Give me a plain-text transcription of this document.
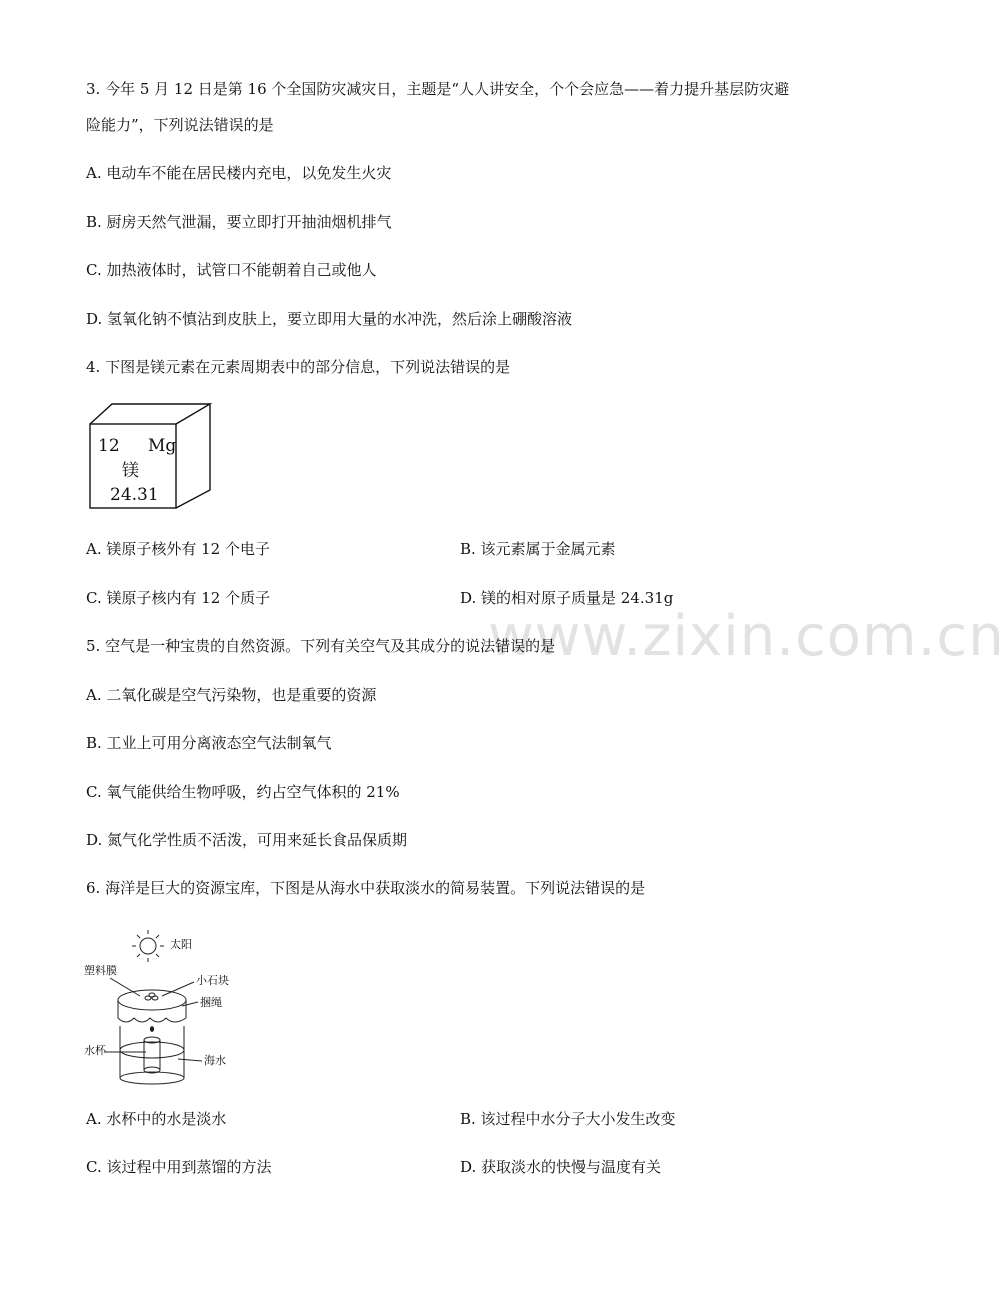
3. 今年 5 月 12 日是第 16 个全国防灾减灾日，主题是“人人讲安全，个个会应急——着力提升基层防灾避
险能力”，下列说法错误的是
A. 电动车不能在居民楼内充电，以免发生火灾
B. 厨房天然气泄漏，要立即打开抽油烟机排气
C. 加热液体时，试管口不能朝着自己或他人
D. 氢氧化钠不慎沾到皮肤上，要立即用大量的水冲洗，然后涂上硼酸溶液
4. 下图是镁元素在元素周期表中的部分信息，下列说法错误的是
12 Mg
镁
24.31
A. 镁原子核外有 12 个电子	B. 该元素属于金属元素
C. 镁原子核内有 12 个质子	D. 镁的相对原子质量是 24.31g
www.zixin.com.cn
5. 空气是一种宝贵的自然资源。下列有关空气及其成分的说法错误的是
A. 二氧化碳是空气污染物，也是重要的资源
B. 工业上可用分离液态空气法制氧气
C. 氧气能供给生物呼吸，约占空气体积的 21%
D. 氮气化学性质不活泼，可用来延长食品保质期
6. 海洋是巨大的资源宝库，下图是从海水中获取淡水的简易装置。下列说法错误的是
太阳
塑料膜
小石块
捆绳
水杯
海水
A. 水杯中的水是淡水	B. 该过程中水分子大小发生改变
C. 该过程中用到蒸馏的方法	D. 获取淡水的快慢与温度有关
